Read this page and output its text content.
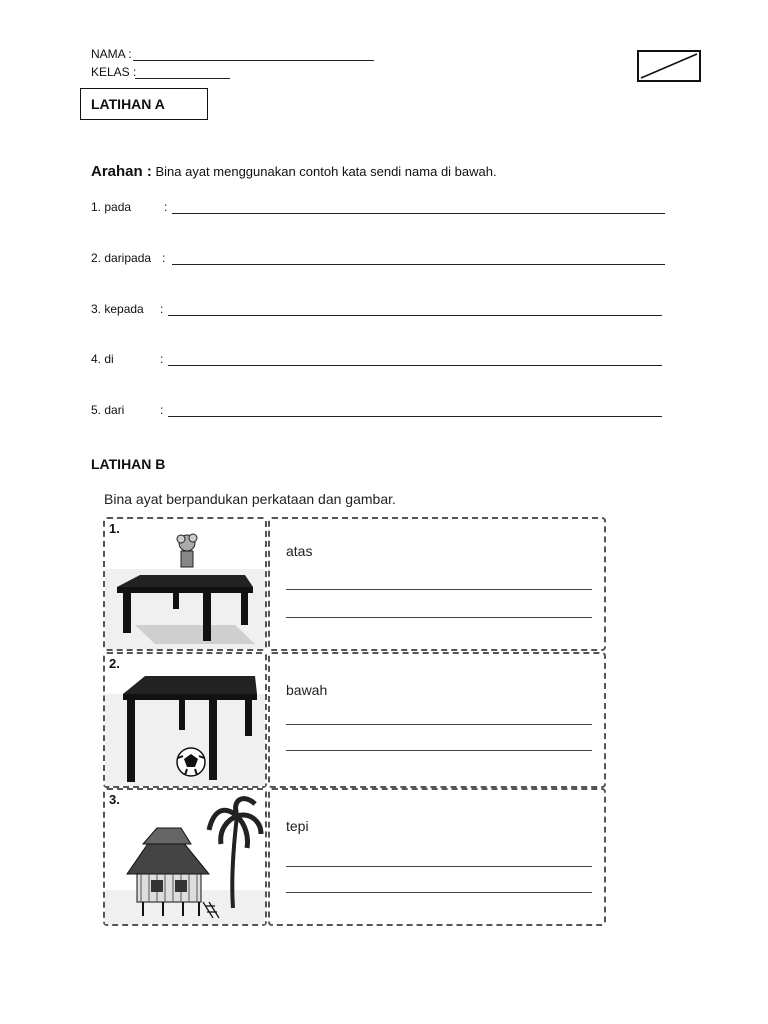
NAMA :
KELAS :
LATIHAN A
Arahan : Bina ayat menggunakan contoh kata sendi nama di bawah.
1. pada	:
2. daripada :
3. kepada :
4. di	:
5. dari	:
LATIHAN B
Bina ayat berpandukan perkataan dan gambar.
1.
atas
2.
bawah
3.
tepi
